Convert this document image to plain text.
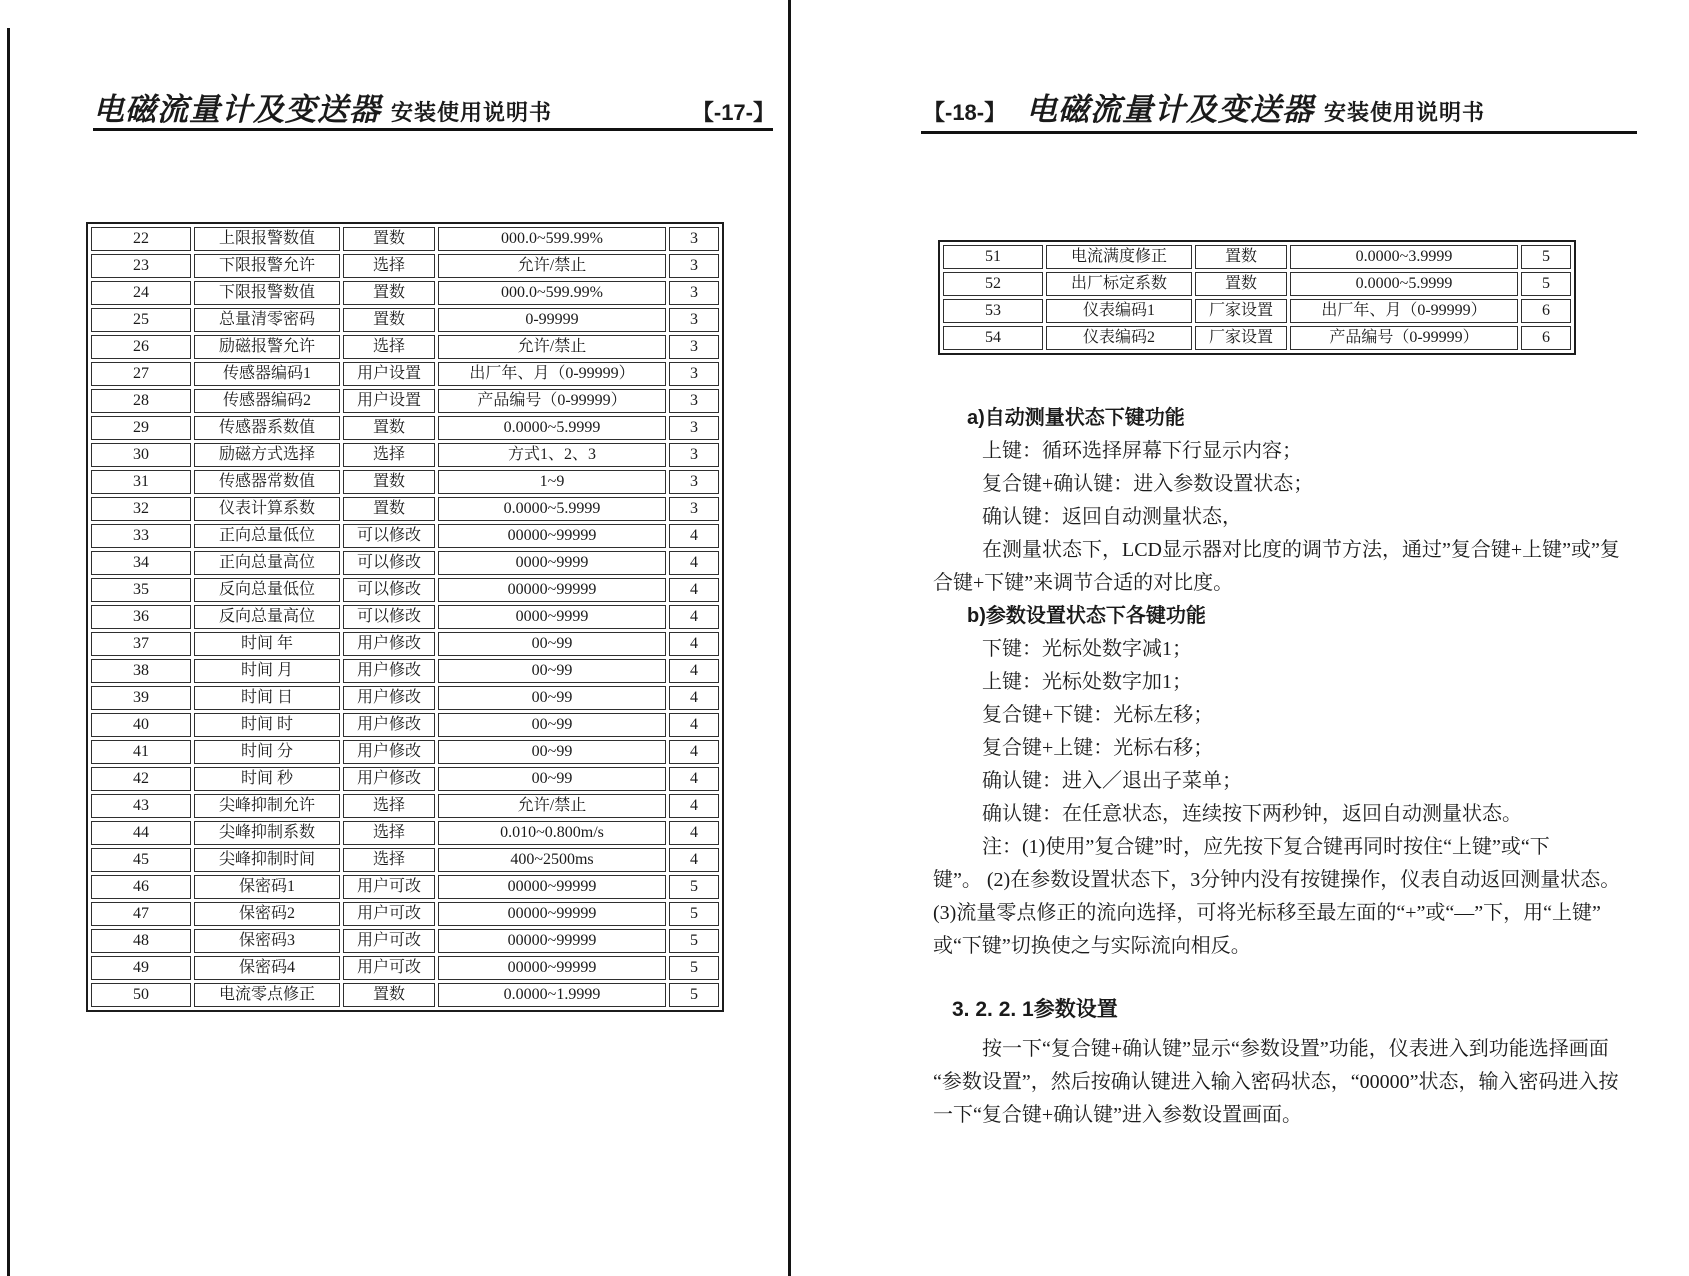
电磁流量计及变送器 安装使用说明书	【-17-】
22	上限报警数值	置数	000.0~599.99%	3
23	下限报警允许	选择	允许/禁止	3
24	下限报警数值	置数	000.0~599.99%	3
25	总量清零密码	置数	0-99999	3
26	励磁报警允许	选择	允许/禁止	3
27	传感器编码1	用户设置	出厂年、月（0-99999）	3
28	传感器编码2	用户设置	产品编号（0-99999）	3
29	传感器系数值	置数	0.0000~5.9999	3
30	励磁方式选择	选择	方式1、2、3	3
31	传感器常数值	置数	1~9	3
32	仪表计算系数	置数	0.0000~5.9999	3
33	正向总量低位	可以修改	00000~99999	4
34	正向总量高位	可以修改	0000~9999	4
35	反向总量低位	可以修改	00000~99999	4
36	反向总量高位	可以修改	0000~9999	4
37	时间 年	用户修改	00~99	4
38	时间 月	用户修改	00~99	4
39	时间 日	用户修改	00~99	4
40	时间 时	用户修改	00~99	4
41	时间 分	用户修改	00~99	4
42	时间 秒	用户修改	00~99	4
43	尖峰抑制允许	选择	允许/禁止	4
44	尖峰抑制系数	选择	0.010~0.800m/s	4
45	尖峰抑制时间	选择	400~2500ms	4
46	保密码1	用户可改	00000~99999	5
47	保密码2	用户可改	00000~99999	5
48	保密码3	用户可改	00000~99999	5
49	保密码4	用户可改	00000~99999	5
50	电流零点修正	置数	0.0000~1.9999	5
【-18-】 电磁流量计及变送器 安装使用说明书
51	电流满度修正	置数	0.0000~3.9999	5
52	出厂标定系数	置数	0.0000~5.9999	5
53	仪表编码1	厂家设置	出厂年、月（0-99999）	6
54	仪表编码2	厂家设置	产品编号（0-99999）	6
a)自动测量状态下键功能
上键：循环选择屏幕下行显示内容；
复合键+确认键：进入参数设置状态；
确认键：返回自动测量状态，
在测量状态下，LCD显示器对比度的调节方法，通过”复合键+上键”或”复
合键+下键”来调节合适的对比度。
b)参数设置状态下各键功能
下键：光标处数字减1；
上键：光标处数字加1；
复合键+下键：光标左移；
复合键+上键：光标右移；
确认键：进入／退出子菜单；
确认键：在任意状态，连续按下两秒钟，返回自动测量状态。
注：(1)使用”复合键”时，应先按下复合键再同时按住“上键”或“下
键”。 (2)在参数设置状态下，3分钟内没有按键操作，仪表自动返回测量状态。
(3)流量零点修正的流向选择，可将光标移至最左面的“+”或“—”下，用“上键”
或“下键”切换使之与实际流向相反。
3. 2. 2. 1参数设置
按一下“复合键+确认键”显示“参数设置”功能，仪表进入到功能选择画面
“参数设置”，然后按确认键进入输入密码状态，“00000”状态，输入密码进入按
一下“复合键+确认键”进入参数设置画面。
